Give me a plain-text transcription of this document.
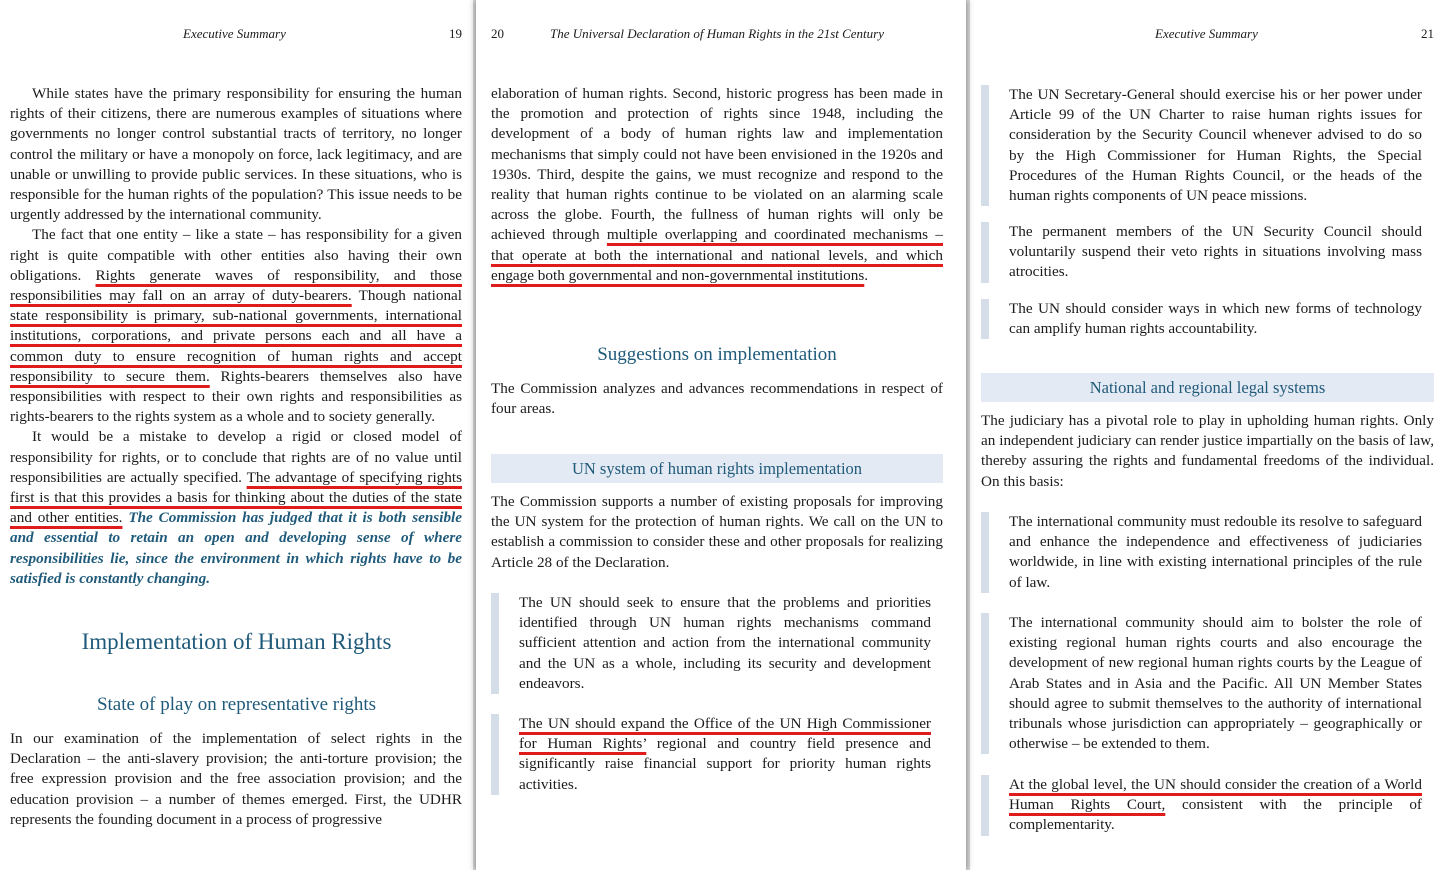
Executive Summary	19

While states have the primary responsibility for ensuring the human rights of their citizens, there are numerous examples of situations where governments no longer control substantial tracts of territory, no longer control the military or have a monopoly on force, lack legitimacy, and are unable or unwilling to provide public services. In these situations, who is responsible for the human rights of the population? This issue needs to be urgently addressed by the international community.

The fact that one entity – like a state – has responsibility for a given right is quite compatible with other entities also having their own obligations. Rights generate waves of responsibility, and those responsibilities may fall on an array of duty-bearers. Though national state responsibility is primary, sub-national governments, international institutions, corporations, and private persons each and all have a common duty to ensure recognition of human rights and accept responsibility to secure them. Rights-bearers themselves also have responsibilities with respect to their own rights and responsibilities as rights-bearers to the rights system as a whole and to society generally.

It would be a mistake to develop a rigid or closed model of responsibility for rights, or to conclude that rights are of no value until responsibilities are actually specified. The advantage of specifying rights first is that this provides a basis for thinking about the duties of the state and other entities. The Commission has judged that it is both sensible and essential to retain an open and developing sense of where responsibilities lie, since the environment in which rights have to be satisfied is constantly changing.

Implementation of Human Rights
State of play on representative rights

In our examination of the implementation of select rights in the Declaration – the anti-slavery provision; the anti-torture provision; the free expression provision and the free association provision; and the education provision – a number of themes emerged. First, the UDHR represents the founding document in a process of progressive

20	The Universal Declaration of Human Rights in the 21st Century

elaboration of human rights. Second, historic progress has been made in the promotion and protection of rights since 1948, including the development of a body of human rights law and implementation mechanisms that simply could not have been envisioned in the 1920s and 1930s. Third, despite the gains, we must recognize and respond to the reality that human rights continue to be violated on an alarming scale across the globe. Fourth, the fullness of human rights will only be achieved through multiple overlapping and coordinated mechanisms – that operate at both the international and national levels, and which engage both governmental and non-governmental institutions.

Suggestions on implementation

The Commission analyzes and advances recommendations in respect of four areas.

UN system of human rights implementation

The Commission supports a number of existing proposals for improving the UN system for the protection of human rights. We call on the UN to establish a commission to consider these and other proposals for realizing Article 28 of the Declaration.

The UN should seek to ensure that the problems and priorities identified through UN human rights mechanisms command sufficient attention and action from the international community and the UN as a whole, including its security and development endeavors.
The UN should expand the Office of the UN High Commissioner for Human Rights’ regional and country field presence and significantly raise financial support for priority human rights activities.
Executive Summary	21
The UN Secretary-General should exercise his or her power under Article 99 of the UN Charter to raise human rights issues for consideration by the Security Council whenever advised to do so by the High Commissioner for Human Rights, the Special Procedures of the Human Rights Council, or the heads of the human rights components of UN peace missions.
The permanent members of the UN Security Council should voluntarily suspend their veto rights in situations involving mass atrocities.
The UN should consider ways in which new forms of technology can amplify human rights accountability.
National and regional legal systems

The judiciary has a pivotal role to play in upholding human rights. Only an independent judiciary can render justice impartially on the basis of law, thereby assuring the rights and fundamental freedoms of the individual. On this basis:

The international community must redouble its resolve to safeguard and enhance the independence and effectiveness of judiciaries worldwide, in line with existing international principles of the rule of law.
The international community should aim to bolster the role of existing regional human rights courts and also encourage the development of new regional human rights courts by the League of Arab States and in Asia and the Pacific. All UN Member States should agree to submit themselves to the authority of international tribunals whose jurisdiction can appropriately – geographically or otherwise – be extended to them.
At the global level, the UN should consider the creation of a World Human Rights Court, consistent with the principle of complementarity.
